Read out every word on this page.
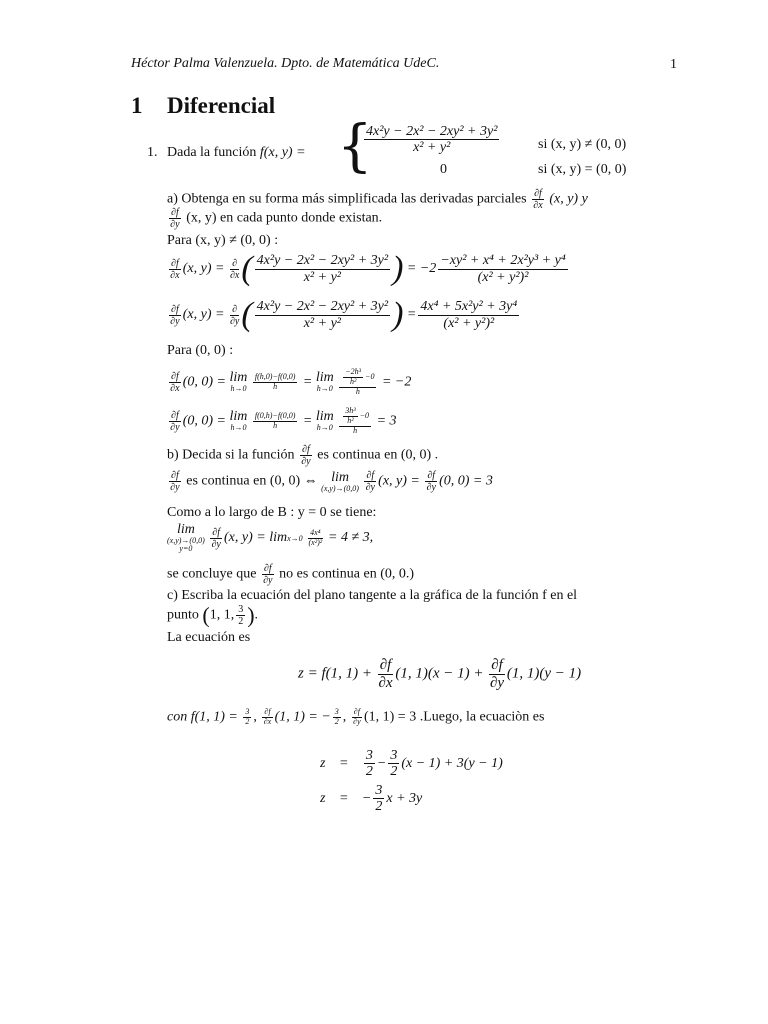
Héctor Palma Valenzuela. Dpto. de Matemática UdeC.	1
1 Diferencial
1. Dada la función f(x, y) = {
$\frac{\text{4x²y − 2x² − 2xy² + 3y²}}{\text{x² + y²}}$	si (x, y) ≠ (0, 0)
0	si (x, y) = (0, 0)
a) Obtenga en su forma más simplificada las derivadas parciales $\frac{\partial f}{\partial x} (x$, y) y
$\frac{\partial f}{\partial y} (x$, y) en cada punto donde existan.
Para (x, y) ≠ (0, 0) :
$\frac{\partial f}{\partial x} (x$, $y) = \frac{\partial}{\partial x}$ ( $\frac{\text{4x²y − 2x² − 2xy² + 3y²}}{\text{x² + y²}}$ ) = $-2 \frac{\text{−xy² + x⁴ + 2x²y³ + y⁴}}{\text{(x² + y²)²}}$
$\frac{\partial f}{\partial y} (x$, $y) = \frac{\partial}{\partial y}$ ( $\frac{\text{4x²y − 2x² − 2xy² + 3y²}}{\text{x² + y²}}$ ) = $\frac{\text{4x⁴ + 5x²y² + 3y⁴}}{\text{(x² + y²)²}}$
Para (0, 0) :
$\frac{\partial f}{\partial x} (0$, 0) = lim
h→0
$\frac{f(h,0)-f(0,0)}{h} = \lim$
h→0
$\frac{\frac{\text{−2h³}}{\text{h²}} -0}{h} = -2$
$\frac{\partial f}{\partial y} (0$, 0) = lim
h→0
$\frac{f(0,h)-f(0,0)}{h} = \lim$
h→0
$\frac{\frac{\text{3h³}}{\text{h²}} -0}{h} = 3$
b) Decida si la función $\frac{\partial f}{\partial y}$ es continua en (0, 0) .
$\frac{\partial f}{\partial y}$ es continua en (0, 0) ⇔ lim
(x,y)→(0,0)
$\frac{\partial f}{\partial y} (x$, $y) = \frac{\partial f}{\partial y} (0$, 0) = 3
Como a lo largo de B : y = 0 se tiene:
lim
(x,y)→(0,0)
y=0
	$\frac{\partial f}{\partial y} (x$, $y) = \lim x\to 0 \frac{\text{4x⁴}}{\text{(x²)²}} = 4 \ne 3$,
se concluye que $\frac{\partial f}{\partial y}$ no es continua en (0, 0.)
c) Escriba la ecuación del plano tangente a la gráfica de la función f en el
punto (1, 1, $\frac{3}{2}$ ).
La ecuación es
z = f(1, $1) + \frac{\partial f}{\partial x} (1$, $1)(x - 1) + \frac{\partial f}{\partial y} (1$, 1)(y − 1)
con f(1, $1) = \frac{3}{2}$ , $\frac{\partial f}{\partial x} (1$, 1) = − $\frac{3}{2}$ , $\frac{\partial f}{\partial y} (1$, 1) = 3 .Luego, la ecuaciòn es
$z = \frac{3}{2} - \frac{3}{2} (x - 1) + 3(y - 1)$
z = − $\frac{3}{2}$ x + 3y
